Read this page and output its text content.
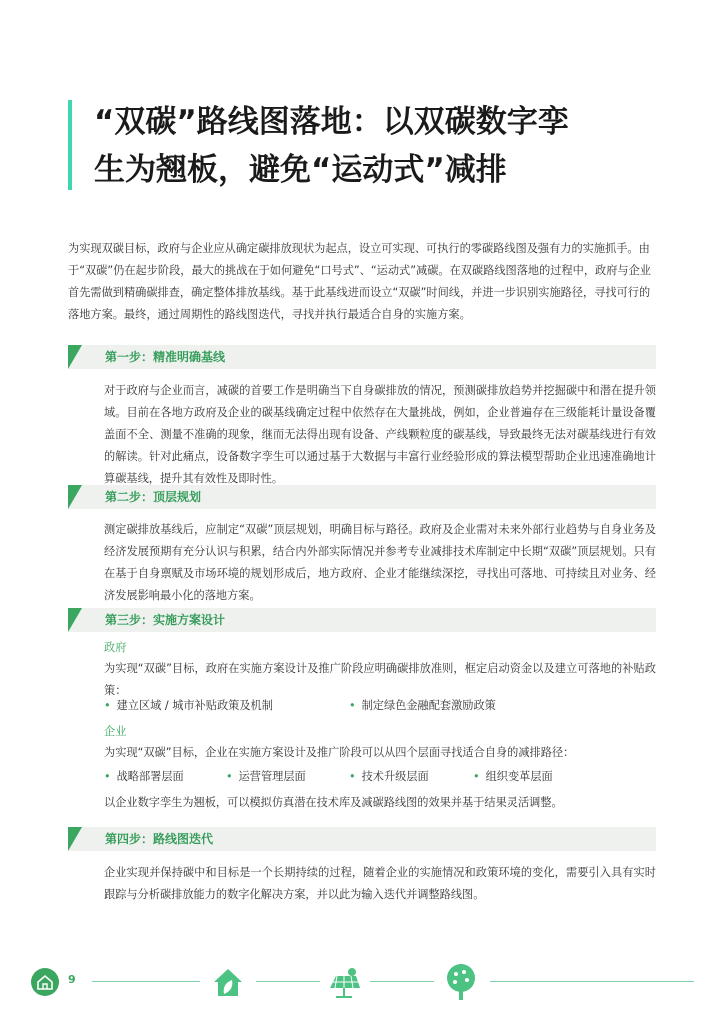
“双碳”路线图落地：以双碳数字孪
生为翘板，避免“运动式”减排

为实现双碳目标，政府与企业应从确定碳排放现状为起点，设立可实现、可执行的零碳路线图及强有力的实施抓手。由于“双碳”仍在起步阶段，最大的挑战在于如何避免“口号式”、“运动式”减碳。在双碳路线图落地的过程中，政府与企业首先需做到精确碳排查，确定整体排放基线。基于此基线进而设立“双碳”时间线，并进一步识别实施路径，寻找可行的落地方案。最终，通过周期性的路线图迭代，寻找并执行最适合自身的实施方案。

第一步：精准明确基线

对于政府与企业而言，减碳的首要工作是明确当下自身碳排放的情况，预测碳排放趋势并挖掘碳中和潜在提升领域。目前在各地方政府及企业的碳基线确定过程中依然存在大量挑战，例如，企业普遍存在三级能耗计量设备覆盖面不全、测量不准确的现象，继而无法得出现有设备、产线颗粒度的碳基线，导致最终无法对碳基线进行有效的解读。针对此痛点，设备数字孪生可以通过基于大数据与丰富行业经验形成的算法模型帮助企业迅速准确地计算碳基线，提升其有效性及即时性。

第二步：顶层规划

测定碳排放基线后，应制定“双碳”顶层规划，明确目标与路径。政府及企业需对未来外部行业趋势与自身业务及经济发展预期有充分认识与积累，结合内外部实际情况并参考专业减排技术库制定中长期“双碳”顶层规划。只有在基于自身禀赋及市场环境的规划形成后，地方政府、企业才能继续深挖，寻找出可落地、可持续且对业务、经济发展影响最小化的落地方案。

第三步：实施方案设计
政府

为实现“双碳”目标，政府在实施方案设计及推广阶段应明确碳排放准则，框定启动资金以及建立可落地的补贴政策：

• 建立区域 / 城市补贴政策及机制	• 制定绿色金融配套激励政策
企业

为实现“双碳”目标，企业在实施方案设计及推广阶段可以从四个层面寻找适合自身的减排路径：

• 战略部署层面	• 运营管理层面	• 技术升级层面	• 组织变革层面

以企业数字孪生为翘板，可以模拟仿真潜在技术库及减碳路线图的效果并基于结果灵活调整。

第四步：路线图迭代

企业实现并保持碳中和目标是一个长期持续的过程，随着企业的实施情况和政策环境的变化，需要引入具有实时跟踪与分析碳排放能力的数字化解决方案，并以此为输入迭代并调整路线图。

9
